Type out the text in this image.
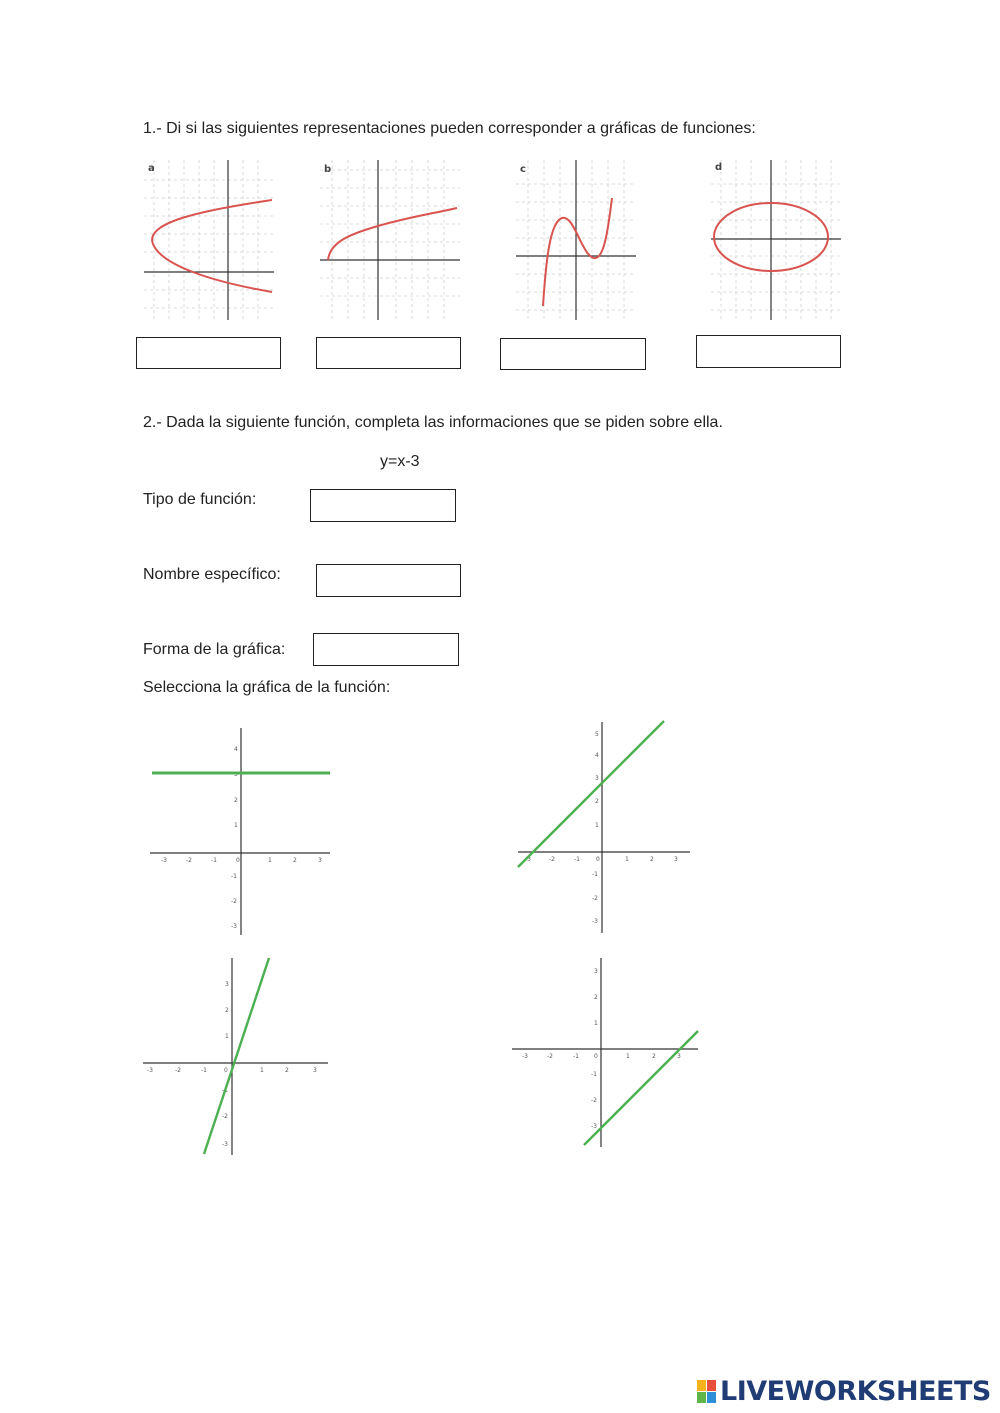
1.- Di si las siguientes representaciones pueden corresponder a gráficas de funciones:
a	b	c	d
2.- Dada la siguiente función, completa las informaciones que se piden sobre ella.
y=x-3
Tipo de función:
Nombre específico:
Forma de la gráfica:
Selecciona la gráfica de la función:
-3	-2	-1	0	1	2	3
4
3
2
1
-1
-2
-3
-3	-2	-1	0	1	2	3
5
4
3
2
1
-1
-2
-3
-3	-2	-1	0	1	2	3
3
2
1
-1
-2
-3
-3	-2	-1	0	1	2	3
3
2
1
-1
-2
-3
LIVEWORKSHEETS
